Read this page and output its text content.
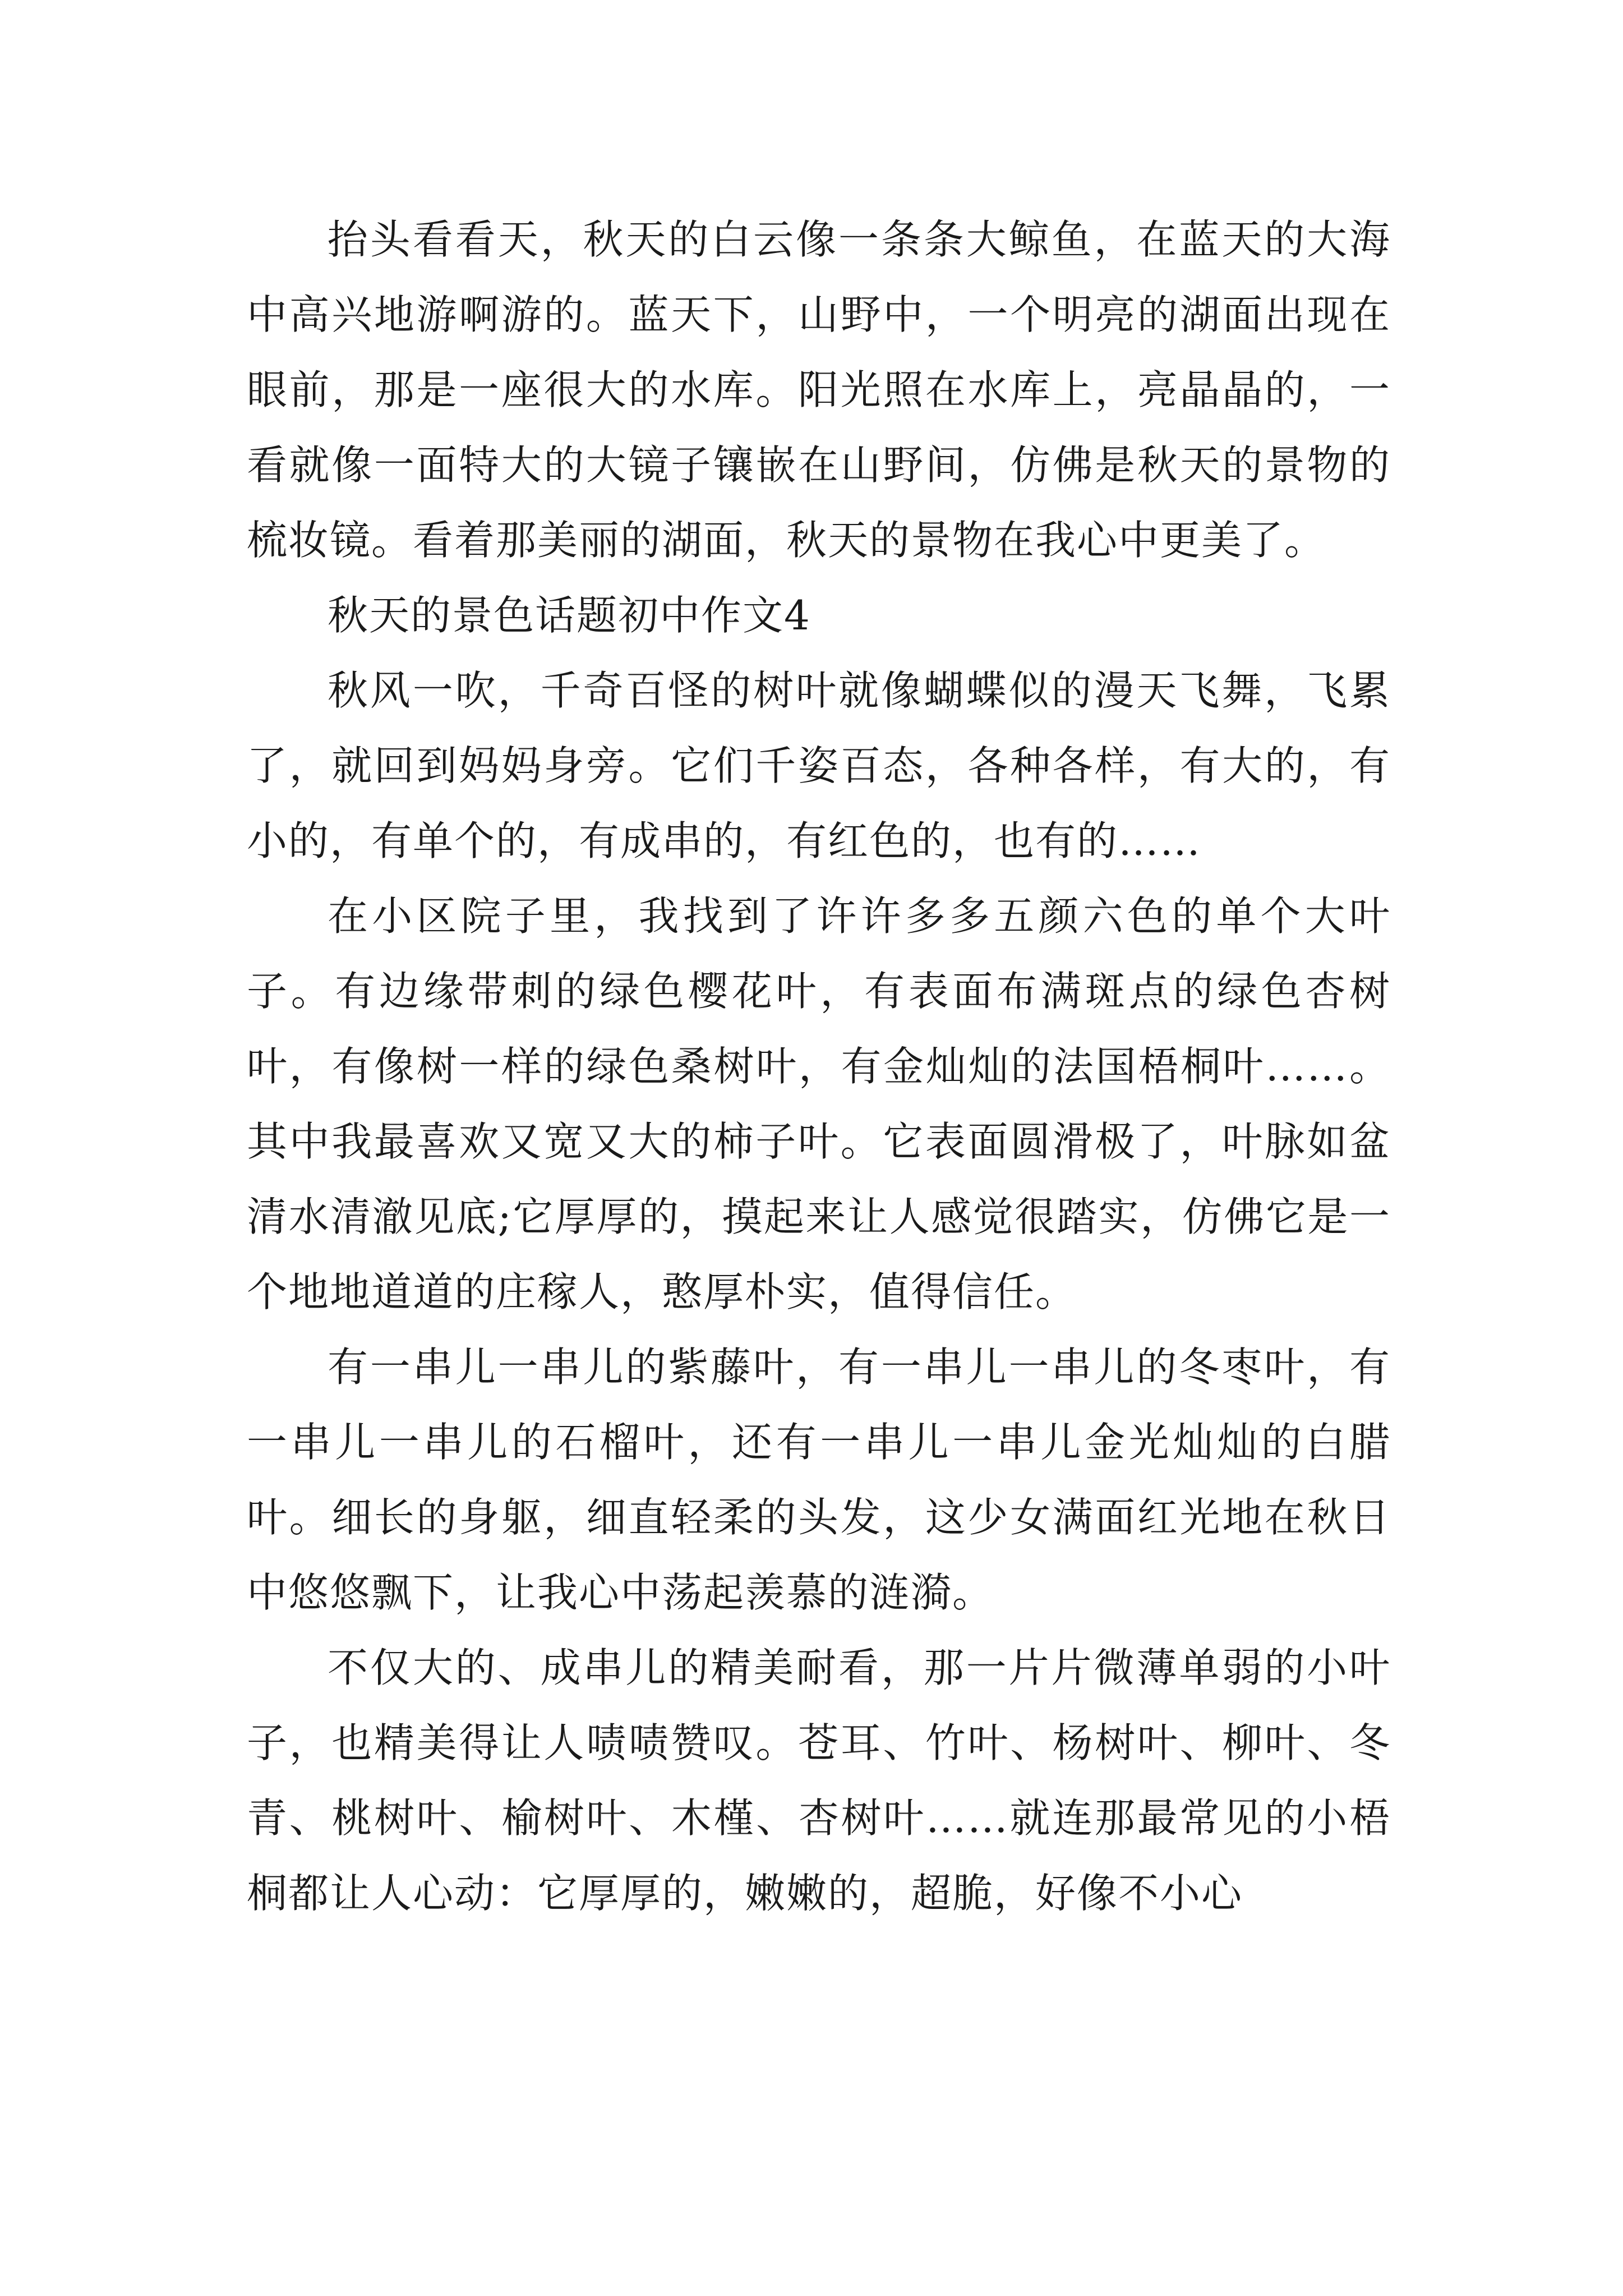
抬头看看天，秋天的白云像一条条大鲸鱼，在蓝天的大海中高兴地游啊游的。蓝天下，山野中，一个明亮的湖面出现在眼前，那是一座很大的水库。阳光照在水库上，亮晶晶的，一看就像一面特大的大镜子镶嵌在山野间，仿佛是秋天的景物的梳妆镜。看着那美丽的湖面，秋天的景物在我心中更美了。

秋天的景色话题初中作文4

秋风一吹，千奇百怪的树叶就像蝴蝶似的漫天飞舞，飞累了，就回到妈妈身旁。它们千姿百态，各种各样，有大的，有小的，有单个的，有成串的，有红色的，也有的……

在小区院子里，我找到了许许多多五颜六色的单个大叶子。有边缘带刺的绿色樱花叶，有表面布满斑点的绿色杏树叶，有像树一样的绿色桑树叶，有金灿灿的法国梧桐叶……。其中我最喜欢又宽又大的柿子叶。它表面圆滑极了，叶脉如盆清水清澈见底;它厚厚的，摸起来让人感觉很踏实，仿佛它是一个地地道道的庄稼人，憨厚朴实，值得信任。

有一串儿一串儿的紫藤叶，有一串儿一串儿的冬枣叶，有一串儿一串儿的石榴叶，还有一串儿一串儿金光灿灿的白腊叶。细长的身躯，细直轻柔的头发，这少女满面红光地在秋日中悠悠飘下，让我心中荡起羡慕的涟漪。

不仅大的、成串儿的精美耐看，那一片片微薄单弱的小叶子，也精美得让人啧啧赞叹。苍耳、竹叶、杨树叶、柳叶、冬青、桃树叶、榆树叶、木槿、杏树叶……就连那最常见的小梧桐都让人心动：它厚厚的，嫩嫩的，超脆，好像不小心
